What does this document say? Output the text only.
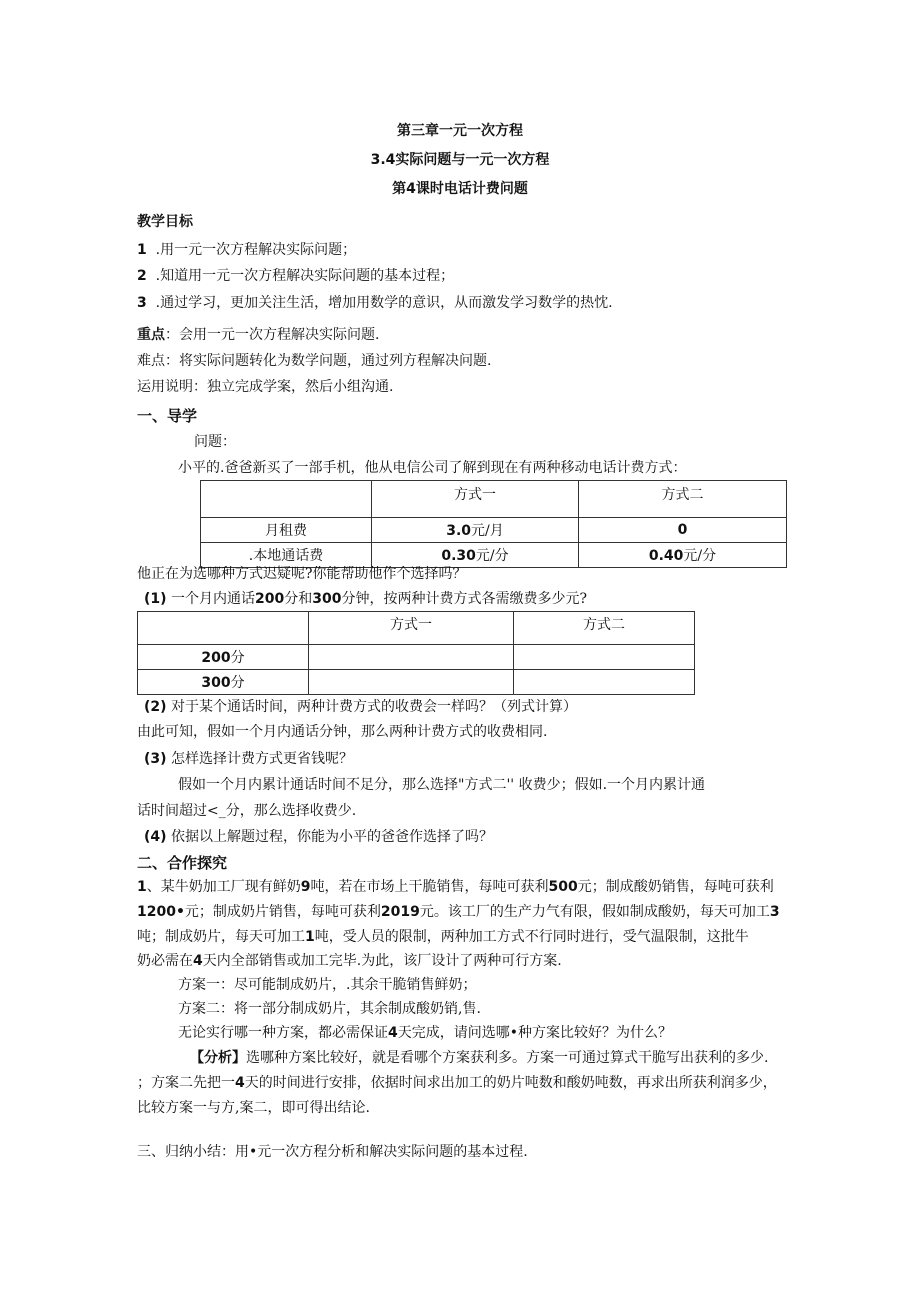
第三章一元一次方程
3.4实际问题与一元一次方程
第4课时电话计费问题
教学目标
1 .用一元一次方程解决实际问题；
2 .知道用一元一次方程解决实际问题的基本过程；
3 .通过学习，更加关注生活，增加用数学的意识，从而激发学习数学的热忱.
重点：会用一元一次方程解决实际问题.
难点：将实际问题转化为数学问题，通过列方程解决问题.
运用说明：独立完成学案，然后小组沟通.
一、导学
问题：
小平的.爸爸新买了一部手机，他从电信公司了解到现在有两种移动电话计费方式：
	方式一	方式二
月租费	3.0元/月	0
.本地通话费	0.30元/分	0.40元/分
他正在为选哪种方式迟疑呢?你能帮助他作个选择吗？
(1) 一个月内通话200分和300分钟，按两种计费方式各需缴费多少元?
	方式一	方式二
200分		
300分		
(2) 对于某个通话时间，两种计费方式的收费会一样吗？（列式计算）
由此可知，假如一个月内通话分钟，那么两种计费方式的收费相同.
(3) 怎样选择计费方式更省钱呢？
假如一个月内累计通话时间不足分，那么选择"方式二'' 收费少；假如.一个月内累计通
话时间超过<_分，那么选择收费少.
(4) 依据以上解题过程，你能为小平的爸爸作选择了吗？
二、合作探究
1、某牛奶加工厂现有鲜奶9吨，若在市场上干脆销售，每吨可获利500元；制成酸奶销售，每吨可获利
1200•元；制成奶片销售，每吨可获利2019元。该工厂的生产力气有限，假如制成酸奶，每天可加工3
吨；制成奶片，每天可加工1吨，受人员的限制，两种加工方式不行同时进行，受气温限制，这批牛
奶必需在4天内全部销售或加工完毕.为此，该厂设计了两种可行方案.
方案一：尽可能制成奶片，.其余干脆销售鲜奶；
方案二：将一部分制成奶片，其余制成酸奶销,售.
无论实行哪一种方案，都必需保证4天完成，请问选哪•种方案比较好？为什么？
【分析】选哪种方案比较好，就是看哪个方案获利多。方案一可通过算式干脆写出获利的多少.
；方案二先把一4天的时间进行安排，依据时间求出加工的奶片吨数和酸奶吨数，再求出所获利润多少，
比较方案一与方,案二，即可得出结论.
三、归纳小结：用•元一次方程分析和解决实际问题的基本过程.
